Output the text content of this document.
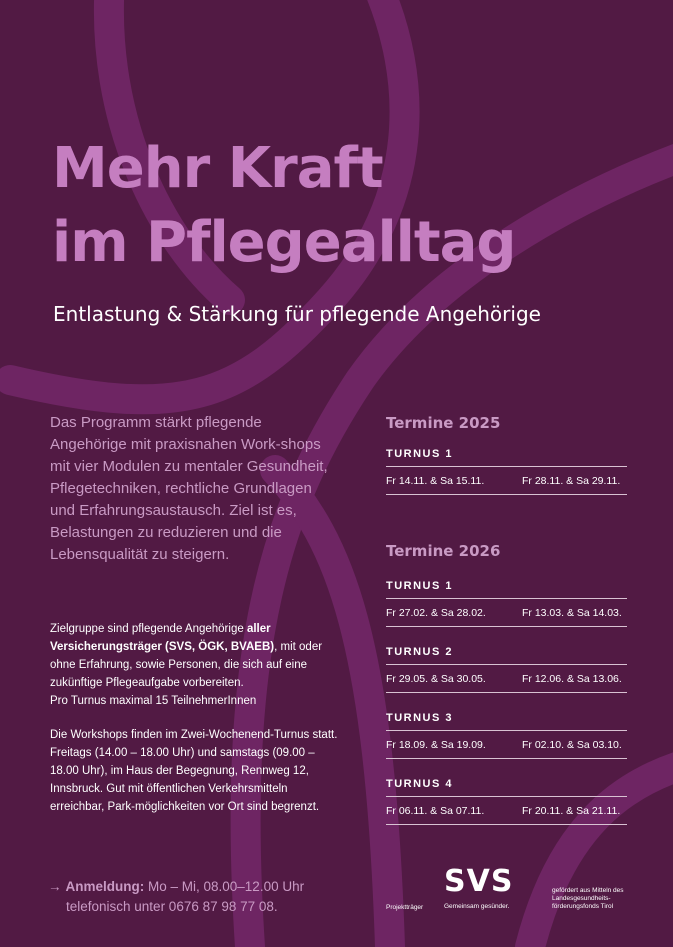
Mehr Kraft
im Pflegealltag
Entlastung & Stärkung für pflegende Angehörige

Das Programm stärkt pflegende Angehörige mit praxisnahen Work-shops mit vier Modulen zu mentaler Gesundheit, Pflegetechniken, rechtliche Grundlagen und Erfahrungsaustausch. Ziel ist es, Belastungen zu reduzieren und die Lebensqualität zu steigern.

Zielgruppe sind pflegende Angehörige aller Versicherungsträger (SVS, ÖGK, BVAEB), mit oder ohne Erfahrung, sowie Personen, die sich auf eine zukünftige Pflegeaufgabe vorbereiten.
Pro Turnus maximal 15 TeilnehmerInnen

Die Workshops finden im Zwei-Wochenend-Turnus statt. Freitags (14.00 – 18.00 Uhr) und samstags (09.00 – 18.00 Uhr), im Haus der Begegnung, Rennweg 12, Innsbruck. Gut mit öffentlichen Verkehrsmitteln erreichbar, Park-möglichkeiten vor Ort sind begrenzt.

→ Anmeldung: Mo – Mi, 08.00–12.00 Uhr
telefonisch unter 0676 87 98 77 08.

Termine 2025
TURNUS 1
Fr 14.11. & Sa 15.11.	Fr 28.11. & Sa 29.11.
Termine 2026
TURNUS 1
Fr 27.02. & Sa 28.02.	Fr 13.03. & Sa 14.03.
TURNUS 2
Fr 29.05. & Sa 30.05.	Fr 12.06. & Sa 13.06.
TURNUS 3
Fr 18.09. & Sa 19.09.	Fr 02.10. & Sa 03.10.
TURNUS 4
Fr 06.11. & Sa 07.11.	Fr 20.11. & Sa 21.11.
Projektträger
SVS
Gemeinsam gesünder.
gefördert aus Mitteln des
Landesgesundheits-
förderungsfonds Tirol
